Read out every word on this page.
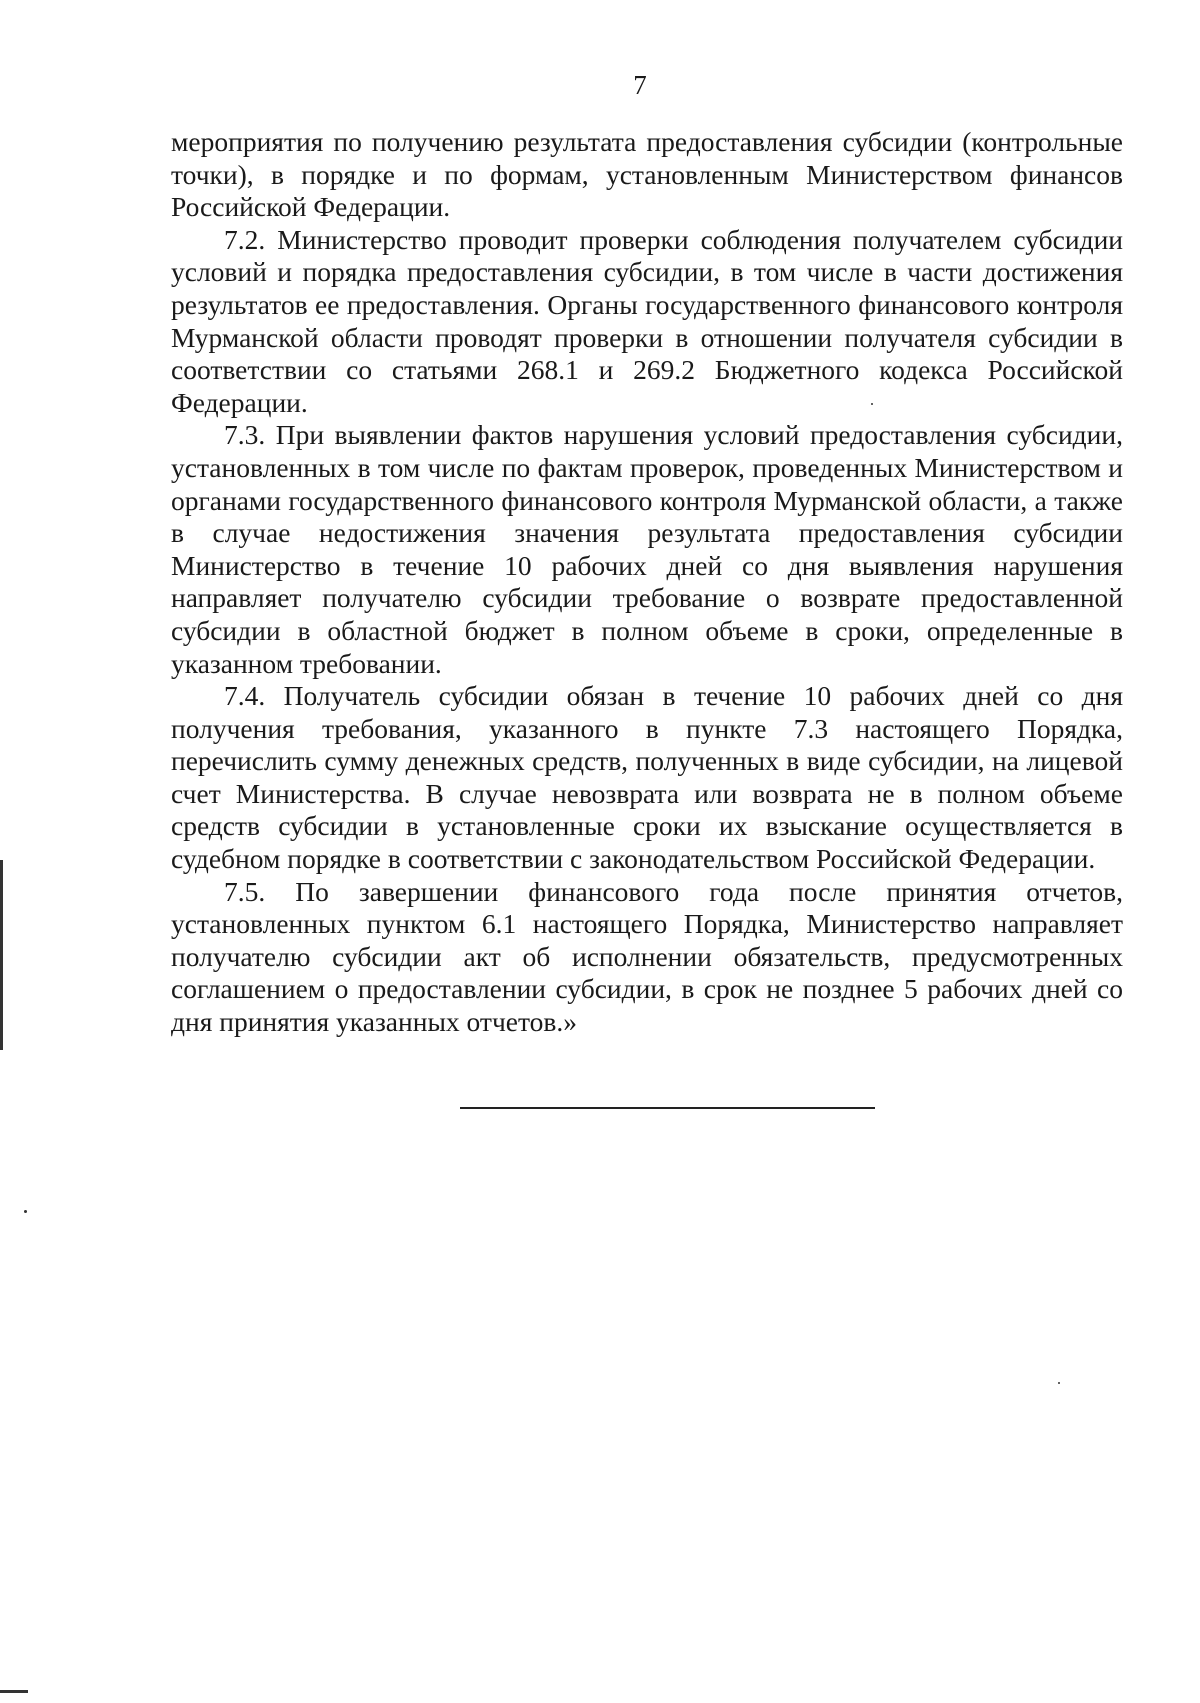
7

мероприятия по получению результата предоставления субсидии (контрольные точки), в порядке и по формам, установленным Министерством финансов Российской Федерации.

7.2. Министерство проводит проверки соблюдения получателем субсидии условий и порядка предоставления субсидии, в том числе в части достижения результатов ее предоставления. Органы государственного финансового контроля Мурманской области проводят проверки в отношении получателя субсидии в соответствии со статьями 268.1 и 269.2 Бюджетного кодекса Российской Федерации.

7.3. При выявлении фактов нарушения условий предоставления субсидии, установленных в том числе по фактам проверок, проведенных Министерством и органами государственного финансового контроля Мурманской области, а также в случае недостижения значения результата предоставления субсидии Министерство в течение 10 рабочих дней со дня выявления нарушения направляет получателю субсидии требование о возврате предоставленной субсидии в областной бюджет в полном объеме в сроки, определенные в указанном требовании.

7.4. Получатель субсидии обязан в течение 10 рабочих дней со дня получения требования, указанного в пункте 7.3 настоящего Порядка, перечислить сумму денежных средств, полученных в виде субсидии, на лицевой счет Министерства. В случае невозврата или возврата не в полном объеме средств субсидии в установленные сроки их взыскание осуществляется в судебном порядке в соответствии с законодательством Российской Федерации.

7.5. По завершении финансового года после принятия отчетов, установленных пунктом 6.1 настоящего Порядка, Министерство направляет получателю субсидии акт об исполнении обязательств, предусмотренных соглашением о предоставлении субсидии, в срок не позднее 5 рабочих дней со дня принятия указанных отчетов.»
